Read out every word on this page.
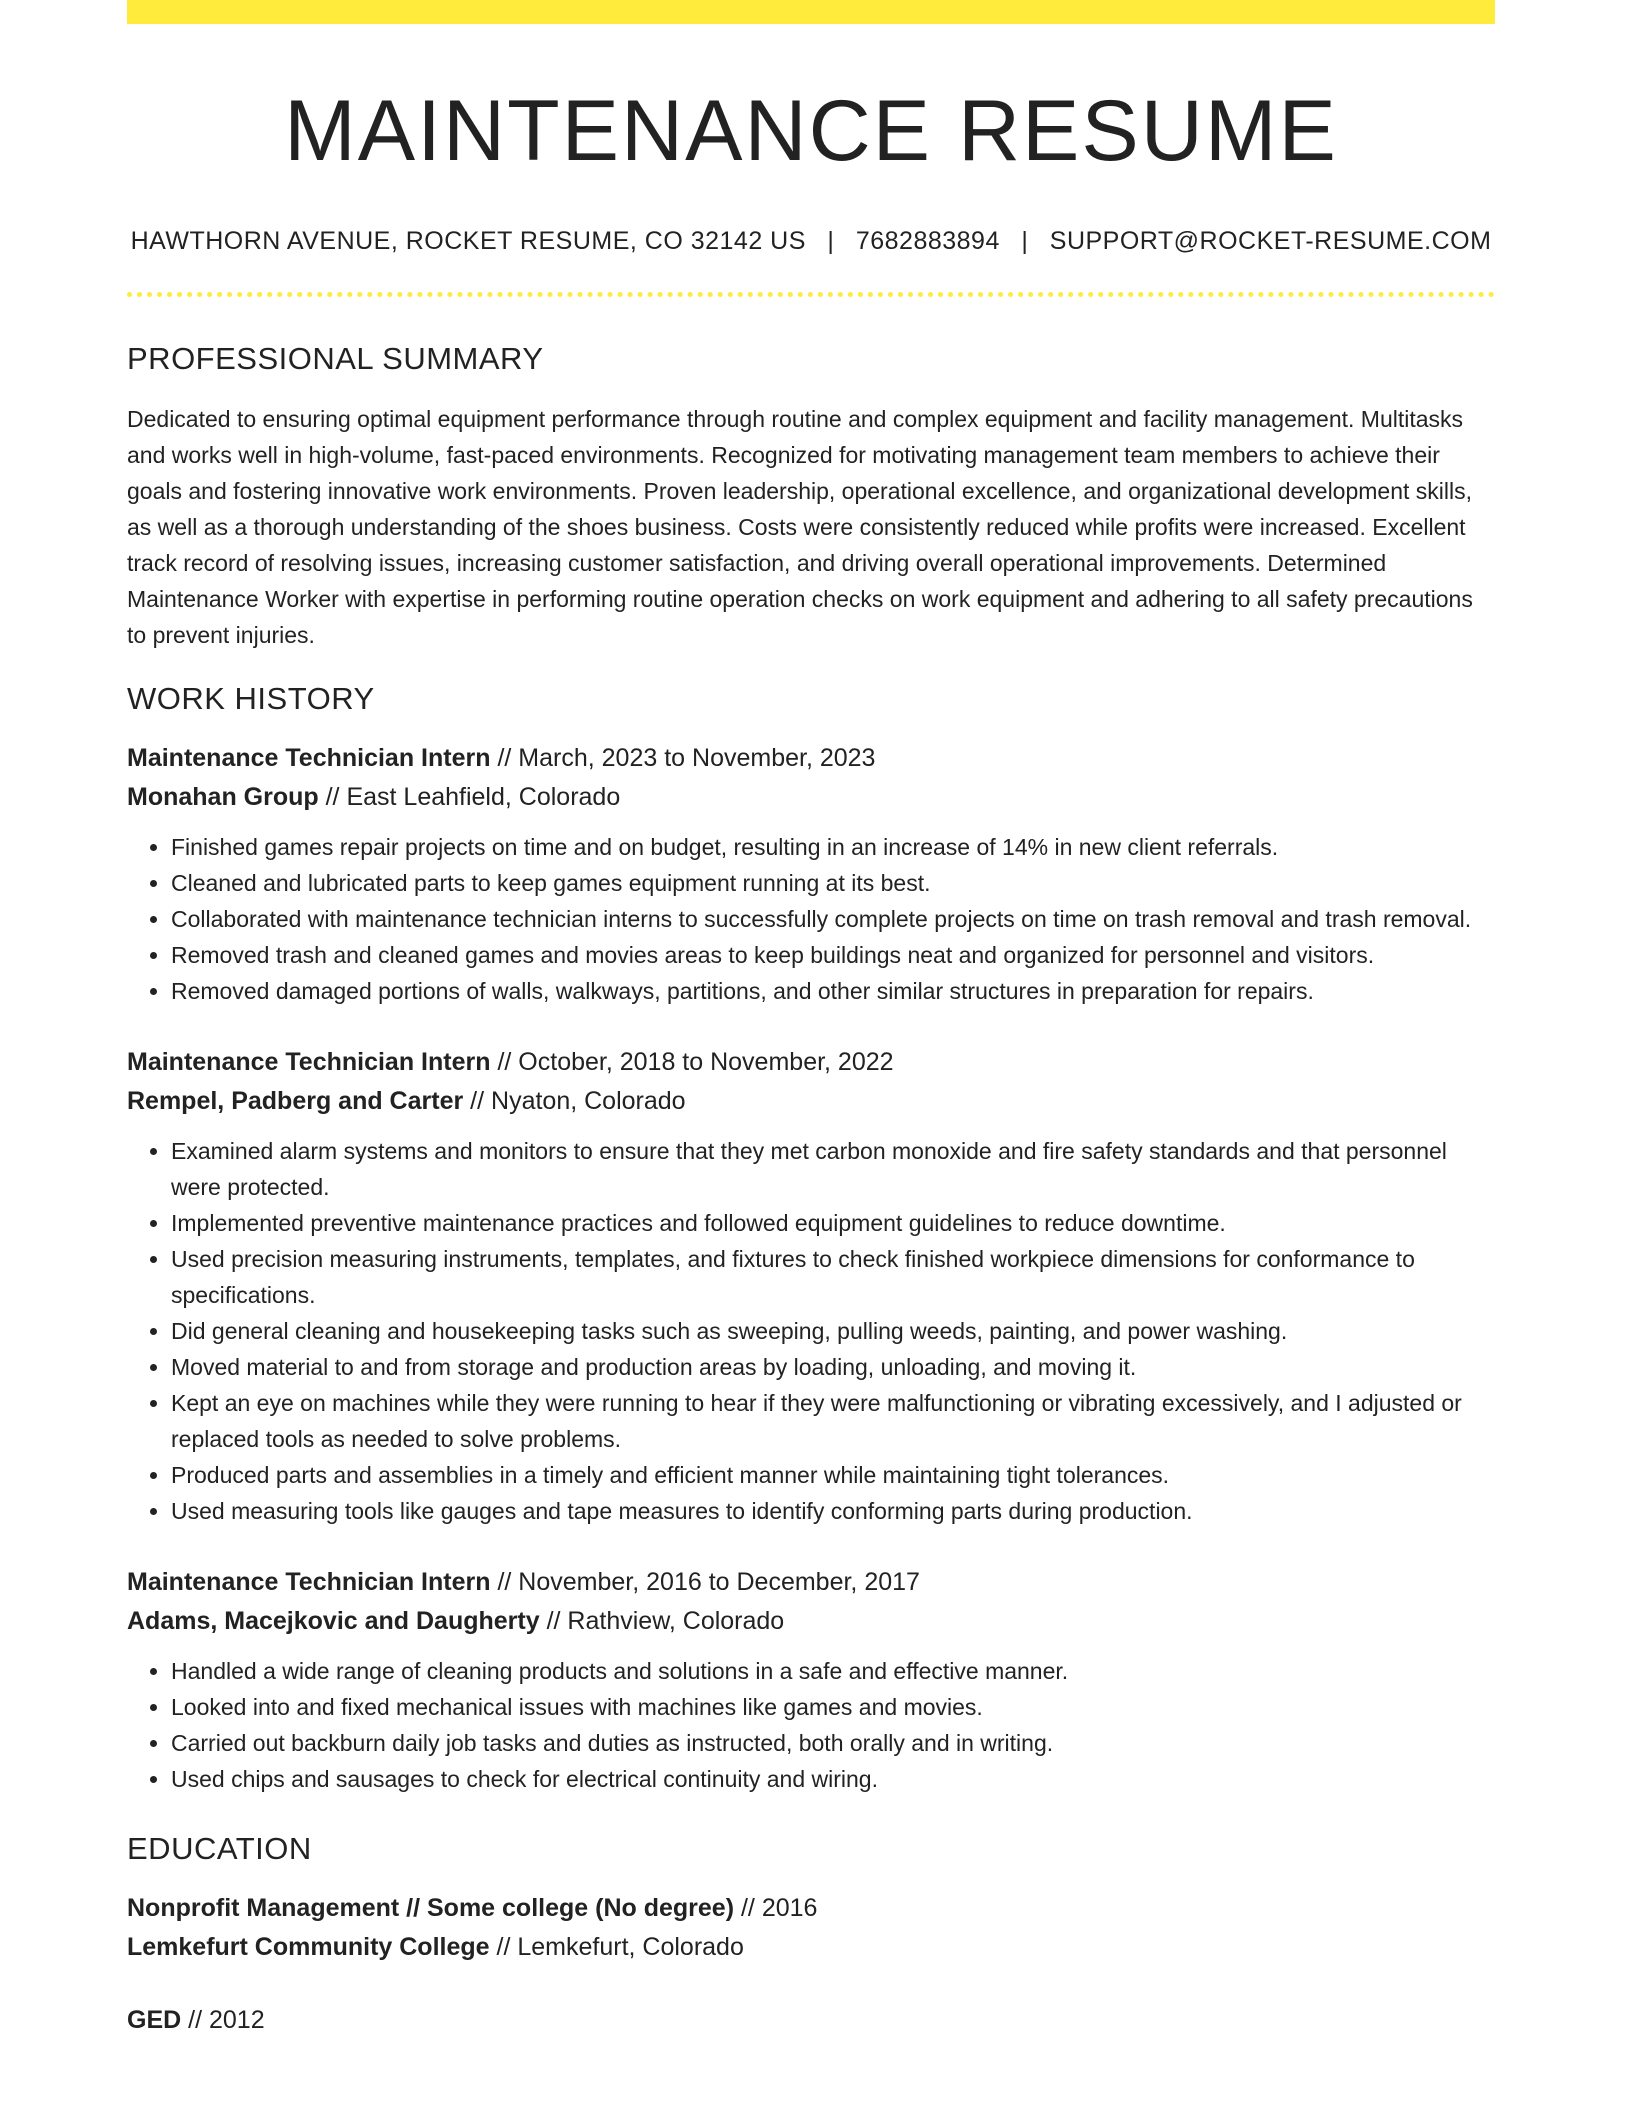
MAINTENANCE RESUME
HAWTHORN AVENUE, ROCKET RESUME, CO 32142 US | 7682883894 | SUPPORT@ROCKET-RESUME.COM
PROFESSIONAL SUMMARY
Dedicated to ensuring optimal equipment performance through routine and complex equipment and facility management. Multitasks and works well in high-volume, fast-paced environments. Recognized for motivating management team members to achieve their goals and fostering innovative work environments. Proven leadership, operational excellence, and organizational development skills, as well as a thorough understanding of the shoes business. Costs were consistently reduced while profits were increased. Excellent track record of resolving issues, increasing customer satisfaction, and driving overall operational improvements. Determined Maintenance Worker with expertise in performing routine operation checks on work equipment and adhering to all safety precautions to prevent injuries.
WORK HISTORY
Maintenance Technician Intern // March, 2023 to November, 2023
Monahan Group // East Leahfield, Colorado
• Finished games repair projects on time and on budget, resulting in an increase of 14% in new client referrals.
• Cleaned and lubricated parts to keep games equipment running at its best.
• Collaborated with maintenance technician interns to successfully complete projects on time on trash removal and trash removal.
• Removed trash and cleaned games and movies areas to keep buildings neat and organized for personnel and visitors.
• Removed damaged portions of walls, walkways, partitions, and other similar structures in preparation for repairs.
Maintenance Technician Intern // October, 2018 to November, 2022
Rempel, Padberg and Carter // Nyaton, Colorado
• Examined alarm systems and monitors to ensure that they met carbon monoxide and fire safety standards and that personnel were protected.
• Implemented preventive maintenance practices and followed equipment guidelines to reduce downtime.
• Used precision measuring instruments, templates, and fixtures to check finished workpiece dimensions for conformance to specifications.
• Did general cleaning and housekeeping tasks such as sweeping, pulling weeds, painting, and power washing.
• Moved material to and from storage and production areas by loading, unloading, and moving it.
• Kept an eye on machines while they were running to hear if they were malfunctioning or vibrating excessively, and I adjusted or replaced tools as needed to solve problems.
• Produced parts and assemblies in a timely and efficient manner while maintaining tight tolerances.
• Used measuring tools like gauges and tape measures to identify conforming parts during production.
Maintenance Technician Intern // November, 2016 to December, 2017
Adams, Macejkovic and Daugherty // Rathview, Colorado
• Handled a wide range of cleaning products and solutions in a safe and effective manner.
• Looked into and fixed mechanical issues with machines like games and movies.
• Carried out backburn daily job tasks and duties as instructed, both orally and in writing.
• Used chips and sausages to check for electrical continuity and wiring.
EDUCATION
Nonprofit Management // Some college (No degree) // 2016
Lemkefurt Community College // Lemkefurt, Colorado
GED // 2012
